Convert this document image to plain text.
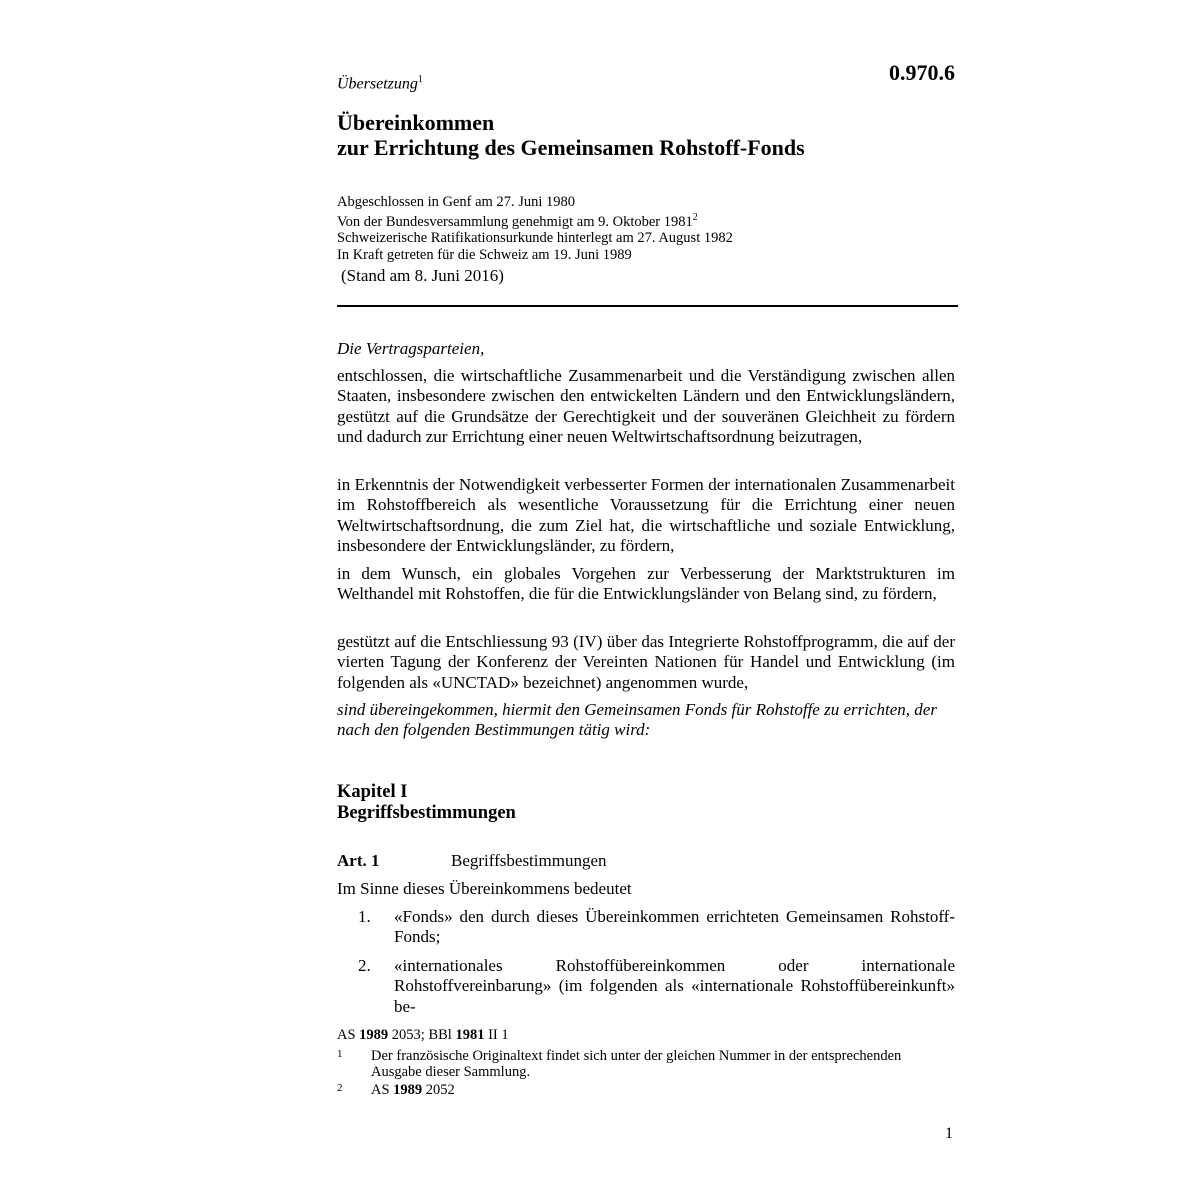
0.970.6
Übersetzung$^1$
Übereinkommen
zur Errichtung des Gemeinsamen Rohstoff-Fonds
Abgeschlossen in Genf am 27. Juni 1980
Von der Bundesversammlung genehmigt am 9. Oktober 1981$^2$
Schweizerische Ratifikationsurkunde hinterlegt am 27. August 1982
In Kraft getreten für die Schweiz am 19. Juni 1989
(Stand am 8. Juni 2016)
Die Vertragsparteien,
entschlossen, die wirtschaftliche Zusammenarbeit und die Verständigung zwischen allen Staaten, insbesondere zwischen den entwickelten Ländern und den Entwicklungsländern, gestützt auf die Grundsätze der Gerechtigkeit und der souveränen Gleichheit zu fördern und dadurch zur Errichtung einer neuen Weltwirtschaftsordnung beizutragen,
in Erkenntnis der Notwendigkeit verbesserter Formen der internationalen Zusammenarbeit im Rohstoffbereich als wesentliche Voraussetzung für die Errichtung einer neuen Weltwirtschaftsordnung, die zum Ziel hat, die wirtschaftliche und soziale Entwicklung, insbesondere der Entwicklungsländer, zu fördern,
in dem Wunsch, ein globales Vorgehen zur Verbesserung der Marktstrukturen im Welthandel mit Rohstoffen, die für die Entwicklungsländer von Belang sind, zu fördern,
gestützt auf die Entschliessung 93 (IV) über das Integrierte Rohstoffprogramm, die auf der vierten Tagung der Konferenz der Vereinten Nationen für Handel und Entwicklung (im folgenden als «UNCTAD» bezeichnet) angenommen wurde,
sind übereingekommen, hiermit den Gemeinsamen Fonds für Rohstoffe zu errichten, der nach den folgenden Bestimmungen tätig wird:
Kapitel I
Begriffsbestimmungen
Art. 1	Begriffsbestimmungen
Im Sinne dieses Übereinkommens bedeutet
1. «Fonds» den durch dieses Übereinkommen errichteten Gemeinsamen Rohstoff-Fonds;
2. «internationales Rohstoffübereinkommen oder internationale Rohstoffvereinbarung» (im folgenden als «internationale Rohstoffübereinkunft» be-
AS 1989 2053; BBl 1981 II 1
1 Der französische Originaltext findet sich unter der gleichen Nummer in der entsprechenden Ausgabe dieser Sammlung.
2 AS 1989 2052
1
